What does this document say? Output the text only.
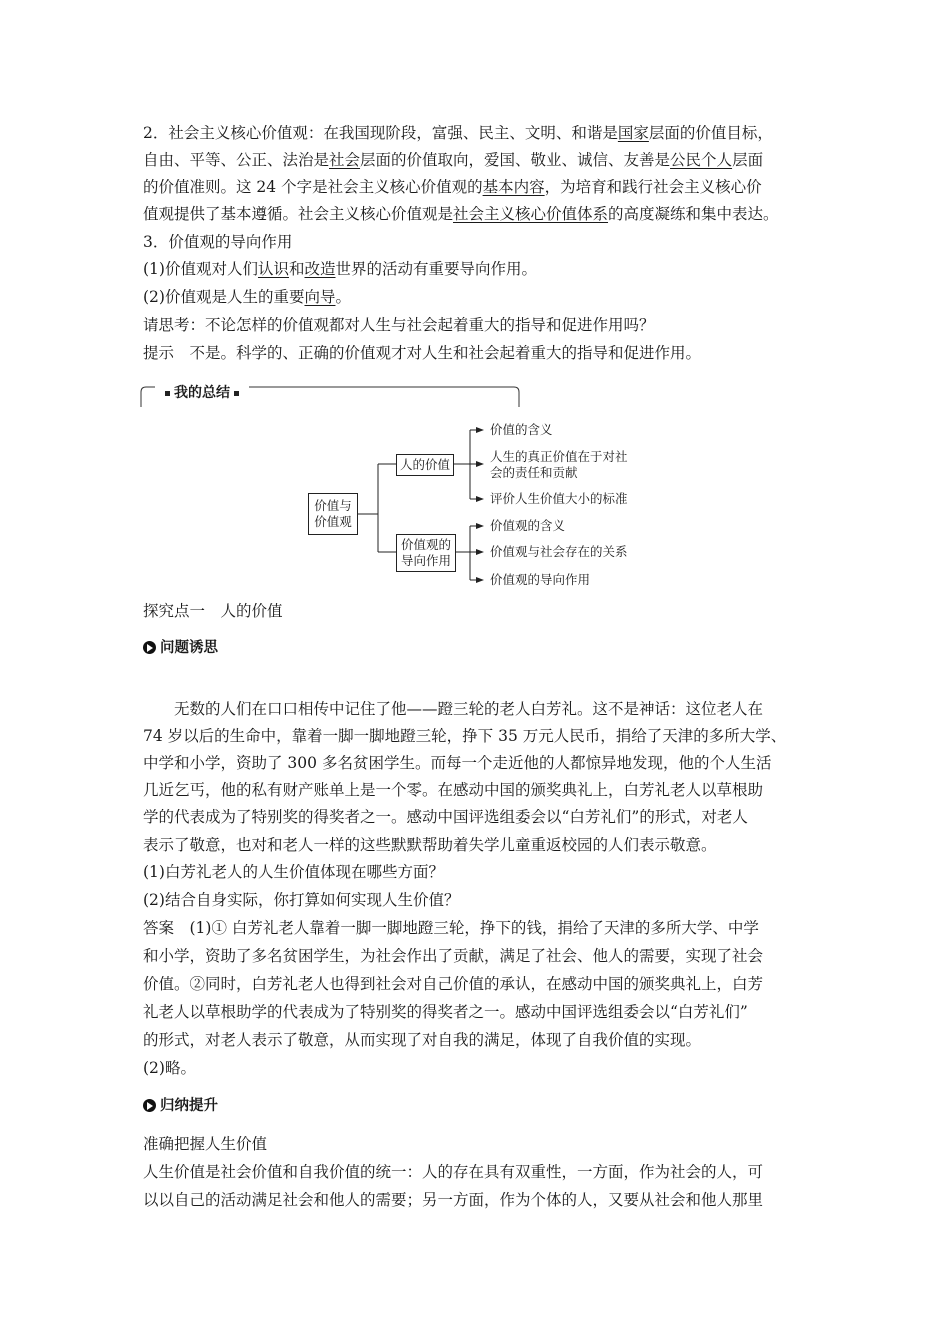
2．社会主义核心价值观：在我国现阶段，富强、民主、文明、和谐是国家层面的价值目标，
自由、平等、公正、法治是社会层面的价值取向，爱国、敬业、诚信、友善是公民个人层面
的价值准则。这 24 个字是社会主义核心价值观的基本内容，为培育和践行社会主义核心价
值观提供了基本遵循。社会主义核心价值观是社会主义核心价值体系的高度凝练和集中表达。
3．价值观的导向作用
(1)价值观对人们认识和改造世界的活动有重要导向作用。
(2)价值观是人生的重要向导。
请思考：不论怎样的价值观都对人生与社会起着重大的指导和促进作用吗？
提示　不是。科学的、正确的价值观才对人生和社会起着重大的指导和促进作用。
我的总结
价值与
价值观
人的价值
价值观的
导向作用
价值的含义
人生的真正价值在于对社
会的责任和贡献
评价人生价值大小的标准
价值观的含义
价值观与社会存在的关系
价值观的导向作用
探究点一　人的价值
问题诱思
　　无数的人们在口口相传中记住了他——蹬三轮的老人白芳礼。这不是神话：这位老人在
74 岁以后的生命中，靠着一脚一脚地蹬三轮，挣下 35 万元人民币，捐给了天津的多所大学、
中学和小学，资助了 300 多名贫困学生。而每一个走近他的人都惊异地发现，他的个人生活
几近乞丐，他的私有财产账单上是一个零。在感动中国的颁奖典礼上，白芳礼老人以草根助
学的代表成为了特别奖的得奖者之一。感动中国评选组委会以“白芳礼们”的形式，对老人
表示了敬意，也对和老人一样的这些默默帮助着失学儿童重返校园的人们表示敬意。
(1)白芳礼老人的人生价值体现在哪些方面？
(2)结合自身实际，你打算如何实现人生价值？
答案　(1)① 白芳礼老人靠着一脚一脚地蹬三轮，挣下的钱，捐给了天津的多所大学、中学
和小学，资助了多名贫困学生，为社会作出了贡献，满足了社会、他人的需要，实现了社会
价值。②同时，白芳礼老人也得到社会对自己价值的承认，在感动中国的颁奖典礼上，白芳
礼老人以草根助学的代表成为了特别奖的得奖者之一。感动中国评选组委会以“白芳礼们”
的形式，对老人表示了敬意，从而实现了对自我的满足，体现了自我价值的实现。
(2)略。
归纳提升
准确把握人生价值
人生价值是社会价值和自我价值的统一：人的存在具有双重性，一方面，作为社会的人，可
以以自己的活动满足社会和他人的需要；另一方面，作为个体的人，又要从社会和他人那里
